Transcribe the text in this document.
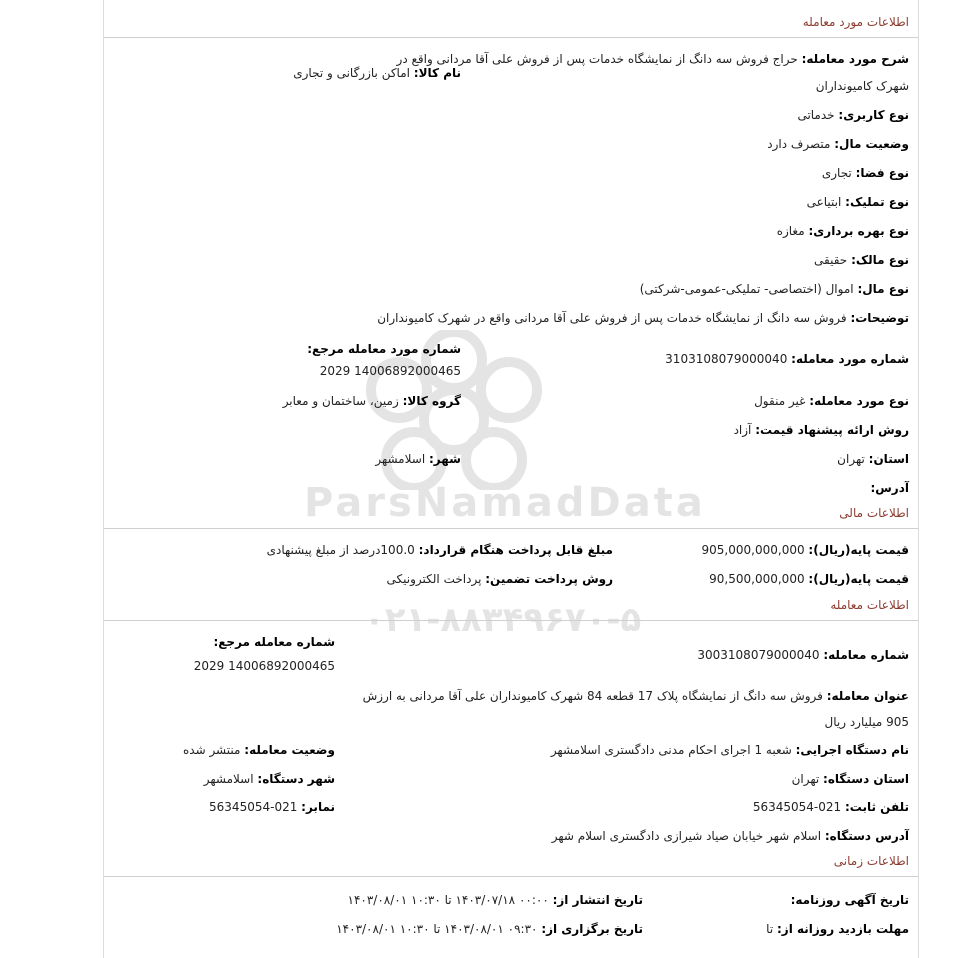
ParsNamadData
۰۲۱-۸۸۳۴۹۶۷۰-۵
اطلاعات مورد معامله
شرح مورد معامله: حراج فروش سه دانگ از نمایشگاه خدمات پس از فروش علی آقا مردانی واقع در
شهرک کامیونداران
نام کالا: اماکن بازرگانی و تجاری
نوع کاربری: خدماتی
وضعیت مال: متصرف دارد
نوع فضا: تجاری
نوع تملیک: ابتیاعی
نوع بهره برداری: مغازه
نوع مالک: حقیقی
نوع مال: اموال (اختصاصی- تملیکی-عمومی-شرکتی)
توضیحات: فروش سه دانگ از نمایشگاه خدمات پس از فروش علی آقا مردانی واقع در شهرک کامیونداران
شماره مورد معامله مرجع:
14006892000465 2029
شماره مورد معامله: 3103108079000040
نوع مورد معامله: غیر منقول
گروه کالا: زمین، ساختمان و معابر
روش ارائه پیشنهاد قیمت: آزاد
استان: تهران
شهر: اسلامشهر
آدرس:
اطلاعات مالی
قیمت پایه(ریال): 905,000,000,000
مبلغ قابل پرداخت هنگام قرارداد: 100.0درصد از مبلغ پیشنهادی
قیمت پایه(ریال): 90,500,000,000
روش پرداخت تضمین: پرداخت الکترونیکی
اطلاعات معامله
شماره معامله: 3003108079000040
شماره معامله مرجع:
14006892000465 2029
عنوان معامله: فروش سه دانگ از نمایشگاه پلاک 17 قطعه 84 شهرک کامیونداران علی آقا مردانی به ارزش
905 میلیارد ریال
نام دستگاه اجرایی: شعبه 1 اجرای احکام مدنی دادگستری اسلامشهر
وضعیت معامله: منتشر شده
استان دستگاه: تهران
شهر دستگاه: اسلامشهر
تلفن ثابت: 56345054-021
نمابر: 56345054-021
آدرس دستگاه: اسلام شهر خیابان صیاد شیرازی دادگستری اسلام شهر
اطلاعات زمانی
تاریخ آگهی روزنامه:
تاریخ انتشار از: ۰۰:۰۰ ۱۴۰۳/۰۷/۱۸ تا ۱۰:۳۰ ۱۴۰۳/۰۸/۰۱
مهلت بازدید روزانه از: تا
تاریخ برگزاری از: ۰۹:۳۰ ۱۴۰۳/۰۸/۰۱ تا ۱۰:۳۰ ۱۴۰۳/۰۸/۰۱
